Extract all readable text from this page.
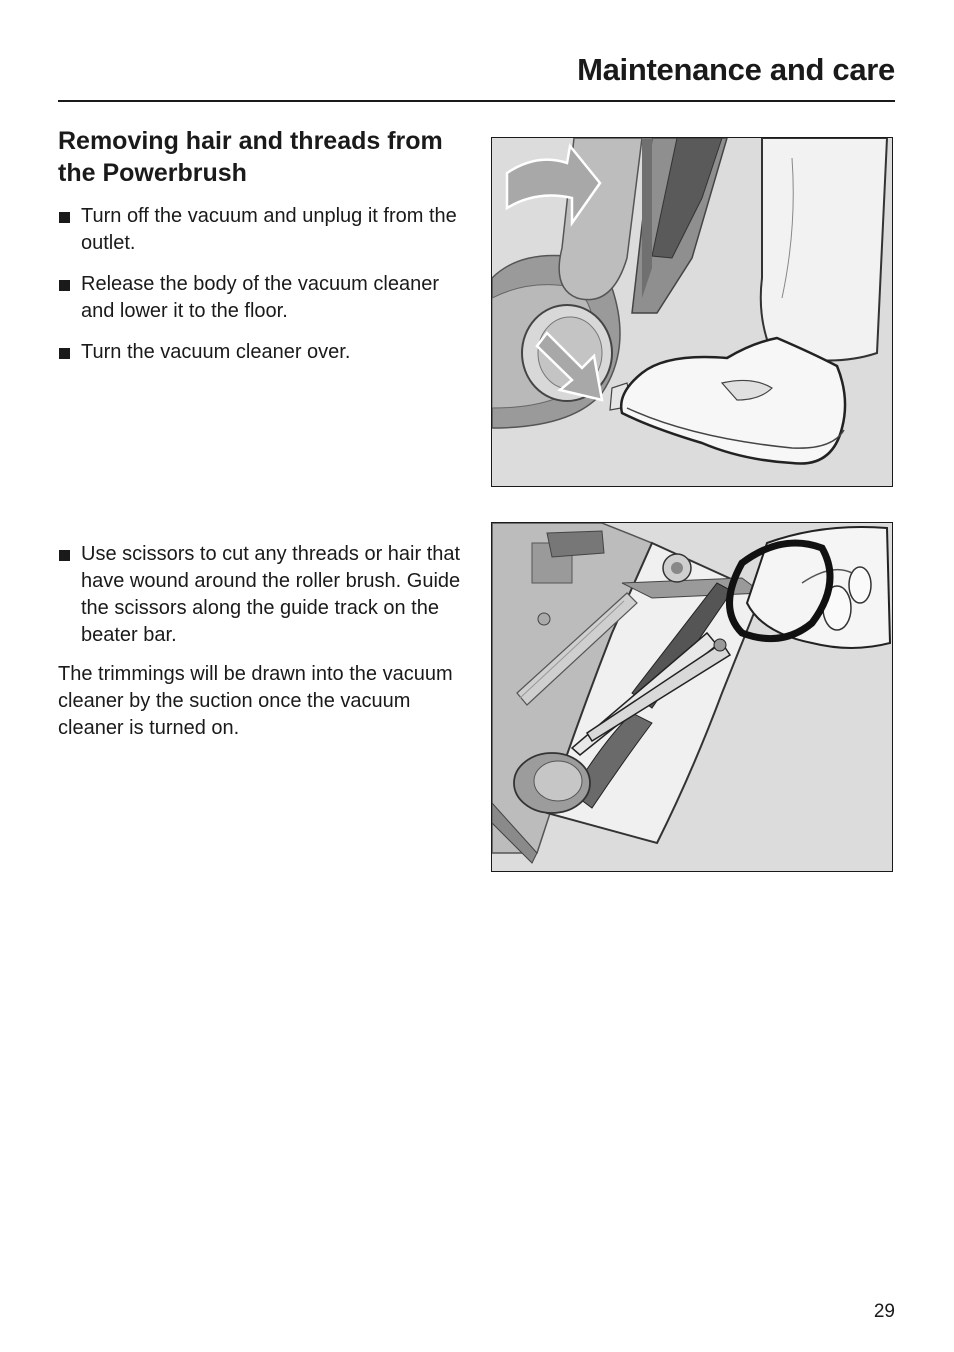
Maintenance and care
Removing hair and threads from the Powerbrush
Turn off the vacuum and unplug it from the outlet.
Release the body of the vacuum cleaner and lower it to the floor.
Turn the vacuum cleaner over.
Use scissors to cut any threads or hair that have wound around the roller brush. Guide the scissors along the guide track on the beater bar.

The trimmings will be drawn into the vacuum cleaner by the suction once the vacuum cleaner is turned on.

29
